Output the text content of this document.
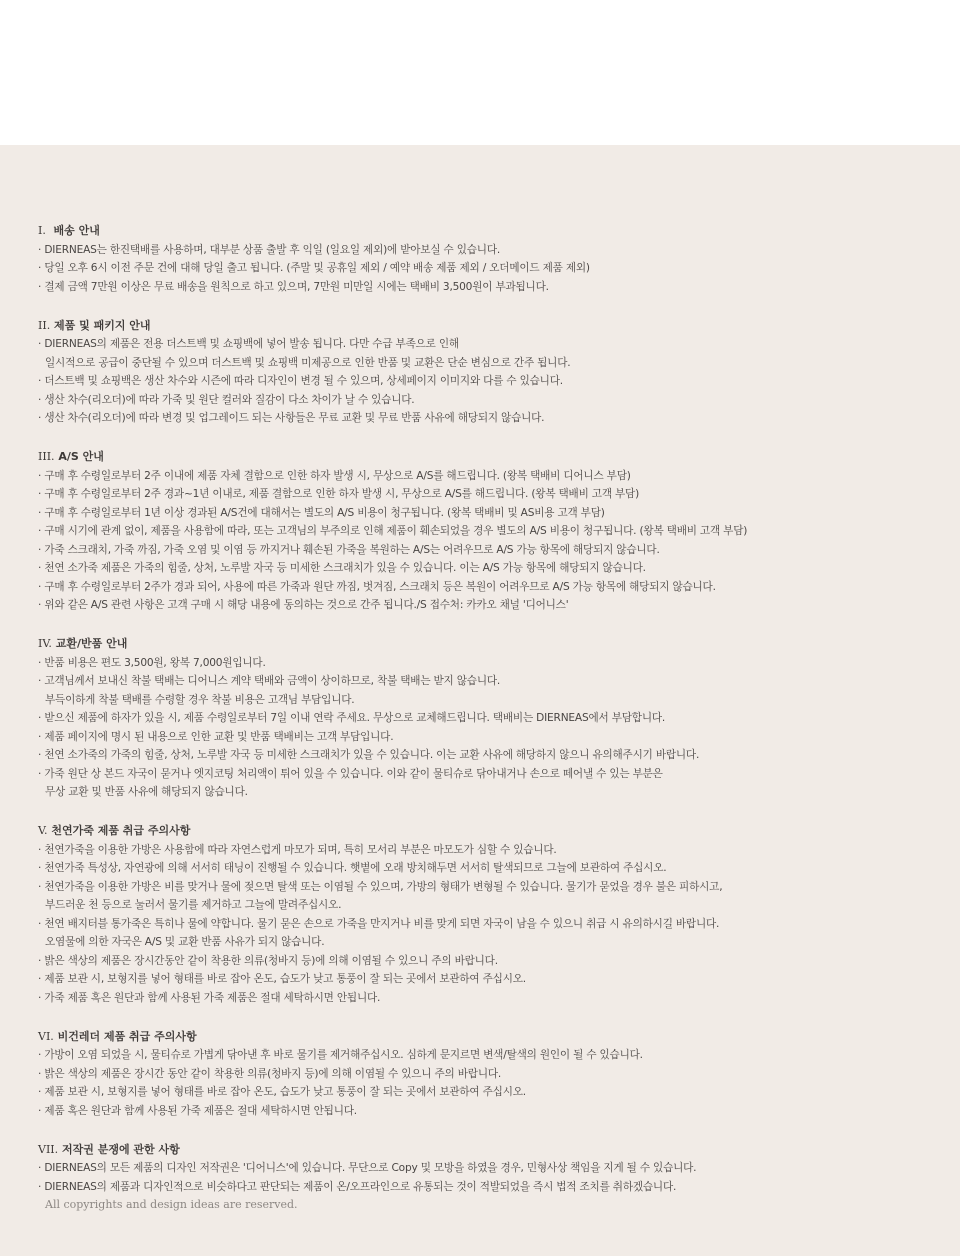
I. 배송 안내
· DIERNEAS는 한진택배를 사용하며, 대부분 상품 출발 후 익일 (일요일 제외)에 받아보실 수 있습니다.
· 당일 오후 6시 이전 주문 건에 대해 당일 출고 됩니다. (주말 및 공휴일 제외 / 예약 배송 제품 제외 / 오더메이드 제품 제외)
· 결제 금액 7만원 이상은 무료 배송을 원칙으로 하고 있으며, 7만원 미만일 시에는 택배비 3,500원이 부과됩니다.
II. 제품 및 패키지 안내
· DIERNEAS의 제품은 전용 더스트백 및 쇼핑백에 넣어 발송 됩니다. 다만 수급 부족으로 인해
일시적으로 공급이 중단될 수 있으며 더스트백 및 쇼핑백 미제공으로 인한 반품 및 교환은 단순 변심으로 간주 됩니다.
· 더스트백 및 쇼핑백은 생산 차수와 시즌에 따라 디자인이 변경 될 수 있으며, 상세페이지 이미지와 다를 수 있습니다.
· 생산 차수(리오더)에 따라 가죽 및 원단 컬러와 질감이 다소 차이가 날 수 있습니다.
· 생산 차수(리오더)에 따라 변경 및 업그레이드 되는 사항들은 무료 교환 및 무료 반품 사유에 해당되지 않습니다.
III. A/S 안내
· 구매 후 수령일로부터 2주 이내에 제품 자체 결함으로 인한 하자 발생 시, 무상으로 A/S를 해드립니다. (왕복 택배비 디어니스 부담)
· 구매 후 수령일로부터 2주 경과~1년 이내로, 제품 결함으로 인한 하자 발생 시, 무상으로 A/S를 해드립니다. (왕복 택배비 고객 부담)
· 구매 후 수령일로부터 1년 이상 경과된 A/S건에 대해서는 별도의 A/S 비용이 청구됩니다. (왕복 택배비 및 AS비용 고객 부담)
· 구매 시기에 관계 없이, 제품을 사용함에 따라, 또는 고객님의 부주의로 인해 제품이 훼손되었을 경우 별도의 A/S 비용이 청구됩니다. (왕복 택배비 고객 부담)
· 가죽 스크래치, 가죽 까짐, 가죽 오염 및 이염 등 까지거나 훼손된 가죽을 복원하는 A/S는 어려우므로 A/S 가능 항목에 해당되지 않습니다.
· 천연 소가죽 제품은 가죽의 힘줄, 상처, 노루발 자국 등 미세한 스크래치가 있을 수 있습니다. 이는 A/S 가능 항목에 해당되지 않습니다.
· 구매 후 수령일로부터 2주가 경과 되어, 사용에 따른 가죽과 원단 까짐, 벗겨짐, 스크래치 등은 복원이 어려우므로 A/S 가능 항목에 해당되지 않습니다.
· 위와 같은 A/S 관련 사항은 고객 구매 시 해당 내용에 동의하는 것으로 간주 됩니다./S 접수처: 카카오 채널 '디어니스'
IV. 교환/반품 안내
· 반품 비용은 편도 3,500원, 왕복 7,000원입니다.
· 고객님께서 보내신 착불 택배는 디어니스 계약 택배와 금액이 상이하므로, 착불 택배는 받지 않습니다.
부득이하게 착불 택배를 수령할 경우 착불 비용은 고객님 부담입니다.
· 받으신 제품에 하자가 있을 시, 제품 수령일로부터 7일 이내 연락 주세요. 무상으로 교체해드립니다. 택배비는 DIERNEAS에서 부담합니다.
· 제품 페이지에 명시 된 내용으로 인한 교환 및 반품 택배비는 고객 부담입니다.
· 천연 소가죽의 가죽의 힘줄, 상처, 노루발 자국 등 미세한 스크래치가 있을 수 있습니다. 이는 교환 사유에 해당하지 않으니 유의해주시기 바랍니다.
· 가죽 원단 상 본드 자국이 묻거나 엣지코팅 처리액이 튀어 있을 수 있습니다. 이와 같이 물티슈로 닦아내거나 손으로 떼어낼 수 있는 부분은
무상 교환 및 반품 사유에 해당되지 않습니다.
V. 천연가죽 제품 취급 주의사항
· 천연가죽을 이용한 가방은 사용함에 따라 자연스럽게 마모가 되며, 특히 모서리 부분은 마모도가 심할 수 있습니다.
· 천연가죽 특성상, 자연광에 의해 서서히 태닝이 진행될 수 있습니다. 햇볕에 오래 방치해두면 서서히 탈색되므로 그늘에 보관하여 주십시오.
· 천연가죽을 이용한 가방은 비를 맞거나 물에 젖으면 탈색 또는 이염될 수 있으며, 가방의 형태가 변형될 수 있습니다. 물기가 묻었을 경우 불은 피하시고,
부드러운 천 등으로 눌러서 물기를 제거하고 그늘에 말려주십시오.
· 천연 배지터블 통가죽은 특히나 물에 약합니다. 물기 묻은 손으로 가죽을 만지거나 비를 맞게 되면 자국이 남을 수 있으니 취급 시 유의하시길 바랍니다.
오염물에 의한 자국은 A/S 및 교환 반품 사유가 되지 않습니다.
· 밝은 색상의 제품은 장시간동안 같이 착용한 의류(청바지 등)에 의해 이염될 수 있으니 주의 바랍니다.
· 제품 보관 시, 보형지를 넣어 형태를 바로 잡아 온도, 습도가 낮고 통풍이 잘 되는 곳에서 보관하여 주십시오.
· 가죽 제품 혹은 원단과 함께 사용된 가죽 제품은 절대 세탁하시면 안됩니다.
VI. 비건레더 제품 취급 주의사항
· 가방이 오염 되었을 시, 물티슈로 가볍게 닦아낸 후 바로 물기를 제거해주십시오. 심하게 문지르면 변색/탈색의 원인이 될 수 있습니다.
· 밝은 색상의 제품은 장시간 동안 같이 착용한 의류(청바지 등)에 의해 이염될 수 있으니 주의 바랍니다.
· 제품 보관 시, 보형지를 넣어 형태를 바로 잡아 온도, 습도가 낮고 통풍이 잘 되는 곳에서 보관하여 주십시오.
· 제품 혹은 원단과 함께 사용된 가죽 제품은 절대 세탁하시면 안됩니다.
VII. 저작권 분쟁에 관한 사항
· DIERNEAS의 모든 제품의 디자인 저작권은 '디어니스'에 있습니다. 무단으로 Copy 및 모방을 하였을 경우, 민형사상 책임을 지게 될 수 있습니다.
· DIERNEAS의 제품과 디자인적으로 비슷하다고 판단되는 제품이 온/오프라인으로 유통되는 것이 적발되었을 즉시 법적 조치를 취하겠습니다.
All copyrights and design ideas are reserved.
